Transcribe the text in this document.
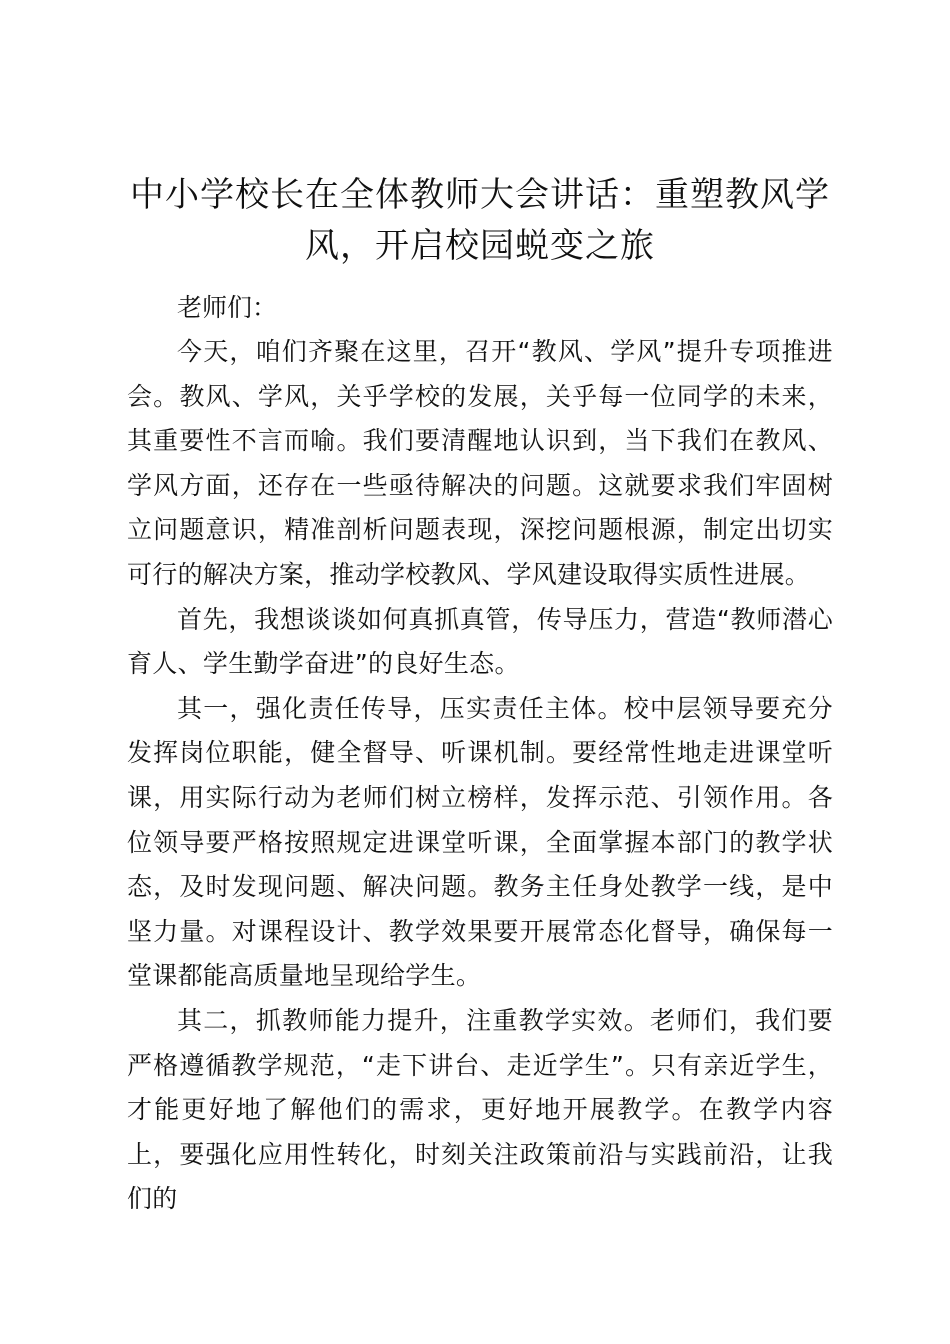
中小学校长在全体教师大会讲话：重塑教风学风，开启校园蜕变之旅

老师们：

今天，咱们齐聚在这里，召开“教风、学风”提升专项推进会。教风、学风，关乎学校的发展，关乎每一位同学的未来，其重要性不言而喻。我们要清醒地认识到，当下我们在教风、学风方面，还存在一些亟待解决的问题。这就要求我们牢固树立问题意识，精准剖析问题表现，深挖问题根源，制定出切实可行的解决方案，推动学校教风、学风建设取得实质性进展。

首先，我想谈谈如何真抓真管，传导压力，营造“教师潜心育人、学生勤学奋进”的良好生态。

其一，强化责任传导，压实责任主体。校中层领导要充分发挥岗位职能，健全督导、听课机制。要经常性地走进课堂听课，用实际行动为老师们树立榜样，发挥示范、引领作用。各位领导要严格按照规定进课堂听课，全面掌握本部门的教学状态，及时发现问题、解决问题。教务主任身处教学一线，是中坚力量。对课程设计、教学效果要开展常态化督导，确保每一堂课都能高质量地呈现给学生。

其二，抓教师能力提升，注重教学实效。老师们，我们要严格遵循教学规范，“走下讲台、走近学生”。只有亲近学生，才能更好地了解他们的需求，更好地开展教学。在教学内容上，要强化应用性转化，时刻关注政策前沿与实践前沿，让我们的
